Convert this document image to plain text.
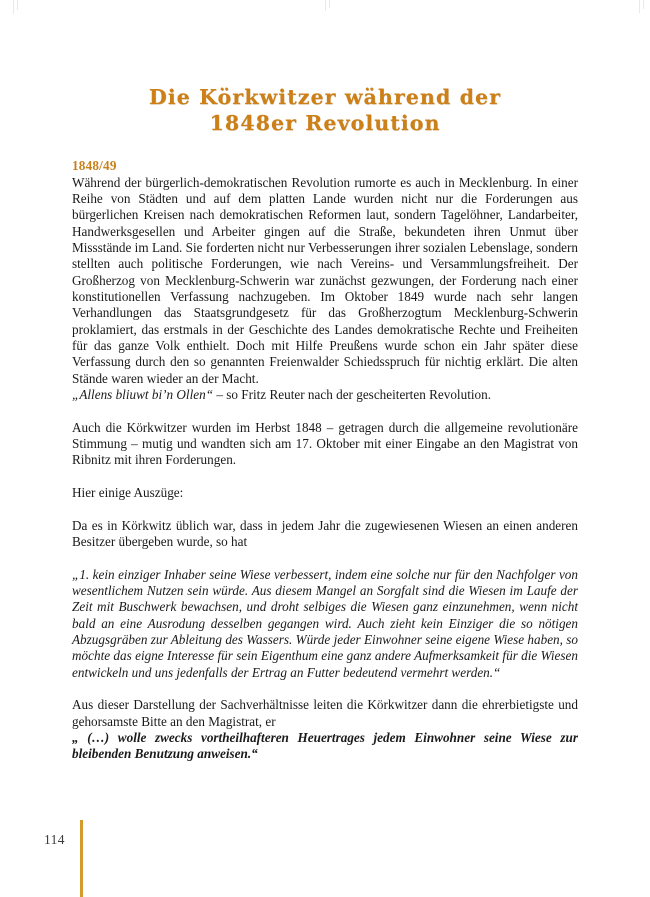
Die Körkwitzer während der
1848er Revolution
1848/49

Während der bürgerlich-demokratischen Revolution rumorte es auch in Mecklenburg. In einer Reihe von Städten und auf dem platten Lande wurden nicht nur die Forderungen aus bürgerlichen Kreisen nach demokratischen Reformen laut, sondern Tagelöhner, Landarbeiter, Handwerksgesellen und Arbeiter gingen auf die Straße, bekundeten ihren Unmut über Missstände im Land. Sie forderten nicht nur Verbesserungen ihrer sozialen Lebenslage, sondern stellten auch politische Forderungen, wie nach Vereins- und Versammlungsfreiheit. Der Großherzog von Mecklenburg-Schwerin war zunächst gezwungen, der Forderung nach einer konstitutionellen Verfassung nachzugeben. Im Oktober 1849 wurde nach sehr langen Verhandlungen das Staatsgrundgesetz für das Großherzogtum Mecklenburg-Schwerin proklamiert, das erstmals in der Geschichte des Landes demokratische Rechte und Freiheiten für das ganze Volk enthielt. Doch mit Hilfe Preußens wurde schon ein Jahr später diese Verfassung durch den so genannten Freienwalder Schiedsspruch für nichtig erklärt. Die alten Stände waren wieder an der Macht.

„Allens bliuwt bi’n Ollen“ – so Fritz Reuter nach der gescheiterten Revolution.

Auch die Körkwitzer wurden im Herbst 1848 – getragen durch die allgemeine revolutionäre Stimmung – mutig und wandten sich am 17. Oktober mit einer Eingabe an den Magistrat von Ribnitz mit ihren Forderungen.

Hier einige Auszüge:

Da es in Körkwitz üblich war, dass in jedem Jahr die zugewiesenen Wiesen an einen anderen Besitzer übergeben wurde, so hat

„1. kein einziger Inhaber seine Wiese verbessert, indem eine solche nur für den Nachfolger von wesentlichem Nutzen sein würde. Aus diesem Mangel an Sorgfalt sind die Wiesen im Laufe der Zeit mit Buschwerk bewachsen, und droht selbiges die Wiesen ganz einzunehmen, wenn nicht bald an eine Ausrodung desselben gegangen wird. Auch zieht kein Einziger die so nötigen Abzugsgräben zur Ableitung des Wassers. Würde jeder Einwohner seine eigene Wiese haben, so möchte das eigne Interesse für sein Eigenthum eine ganz andere Aufmerksamkeit für die Wiesen entwickeln und uns jedenfalls der Ertrag an Futter bedeutend vermehrt werden.“

Aus dieser Darstellung der Sachverhältnisse leiten die Körkwitzer dann die ehrerbietigste und gehorsamste Bitte an den Magistrat, er

„ (…) wolle zwecks vortheilhafteren Heuertrages jedem Einwohner seine Wiese zur bleibenden Benutzung anweisen.“

114
